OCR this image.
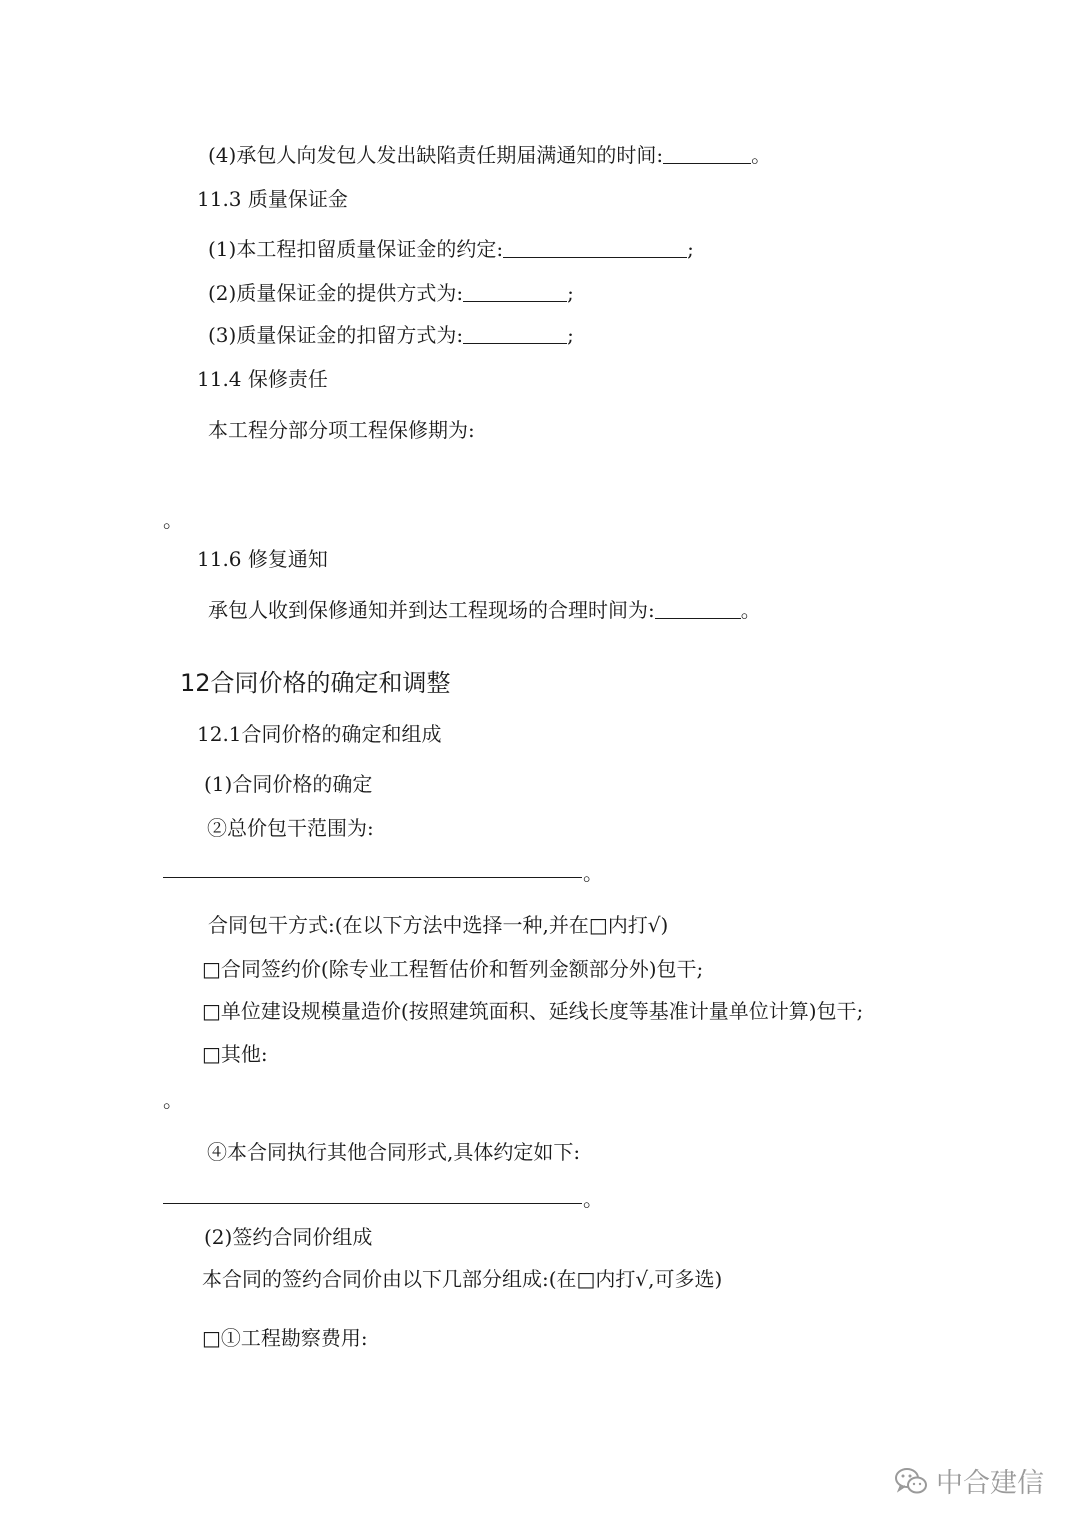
(4)承包人向发包人发出缺陷责任期届满通知的时间:	。
11.3 质量保证金
(1)本工程扣留质量保证金的约定:	;
(2)质量保证金的提供方式为:	;
(3)质量保证金的扣留方式为:	;
11.4 保修责任
本工程分部分项工程保修期为:
。
11.6 修复通知
承包人收到保修通知并到达工程现场的合理时间为:	。
12合同价格的确定和调整
12.1合同价格的确定和组成
(1)合同价格的确定
②总价包干范围为:
。
合同包干方式:(在以下方法中选择一种,并在□内打√)
□合同签约价(除专业工程暂估价和暂列金额部分外)包干;
□单位建设规模量造价(按照建筑面积、延线长度等基准计量单位计算)包干;
□其他:
。
④本合同执行其他合同形式,具体约定如下:
。
(2)签约合同价组成
本合同的签约合同价由以下几部分组成:(在□内打√,可多选)
□①工程勘察费用:
中合建信
